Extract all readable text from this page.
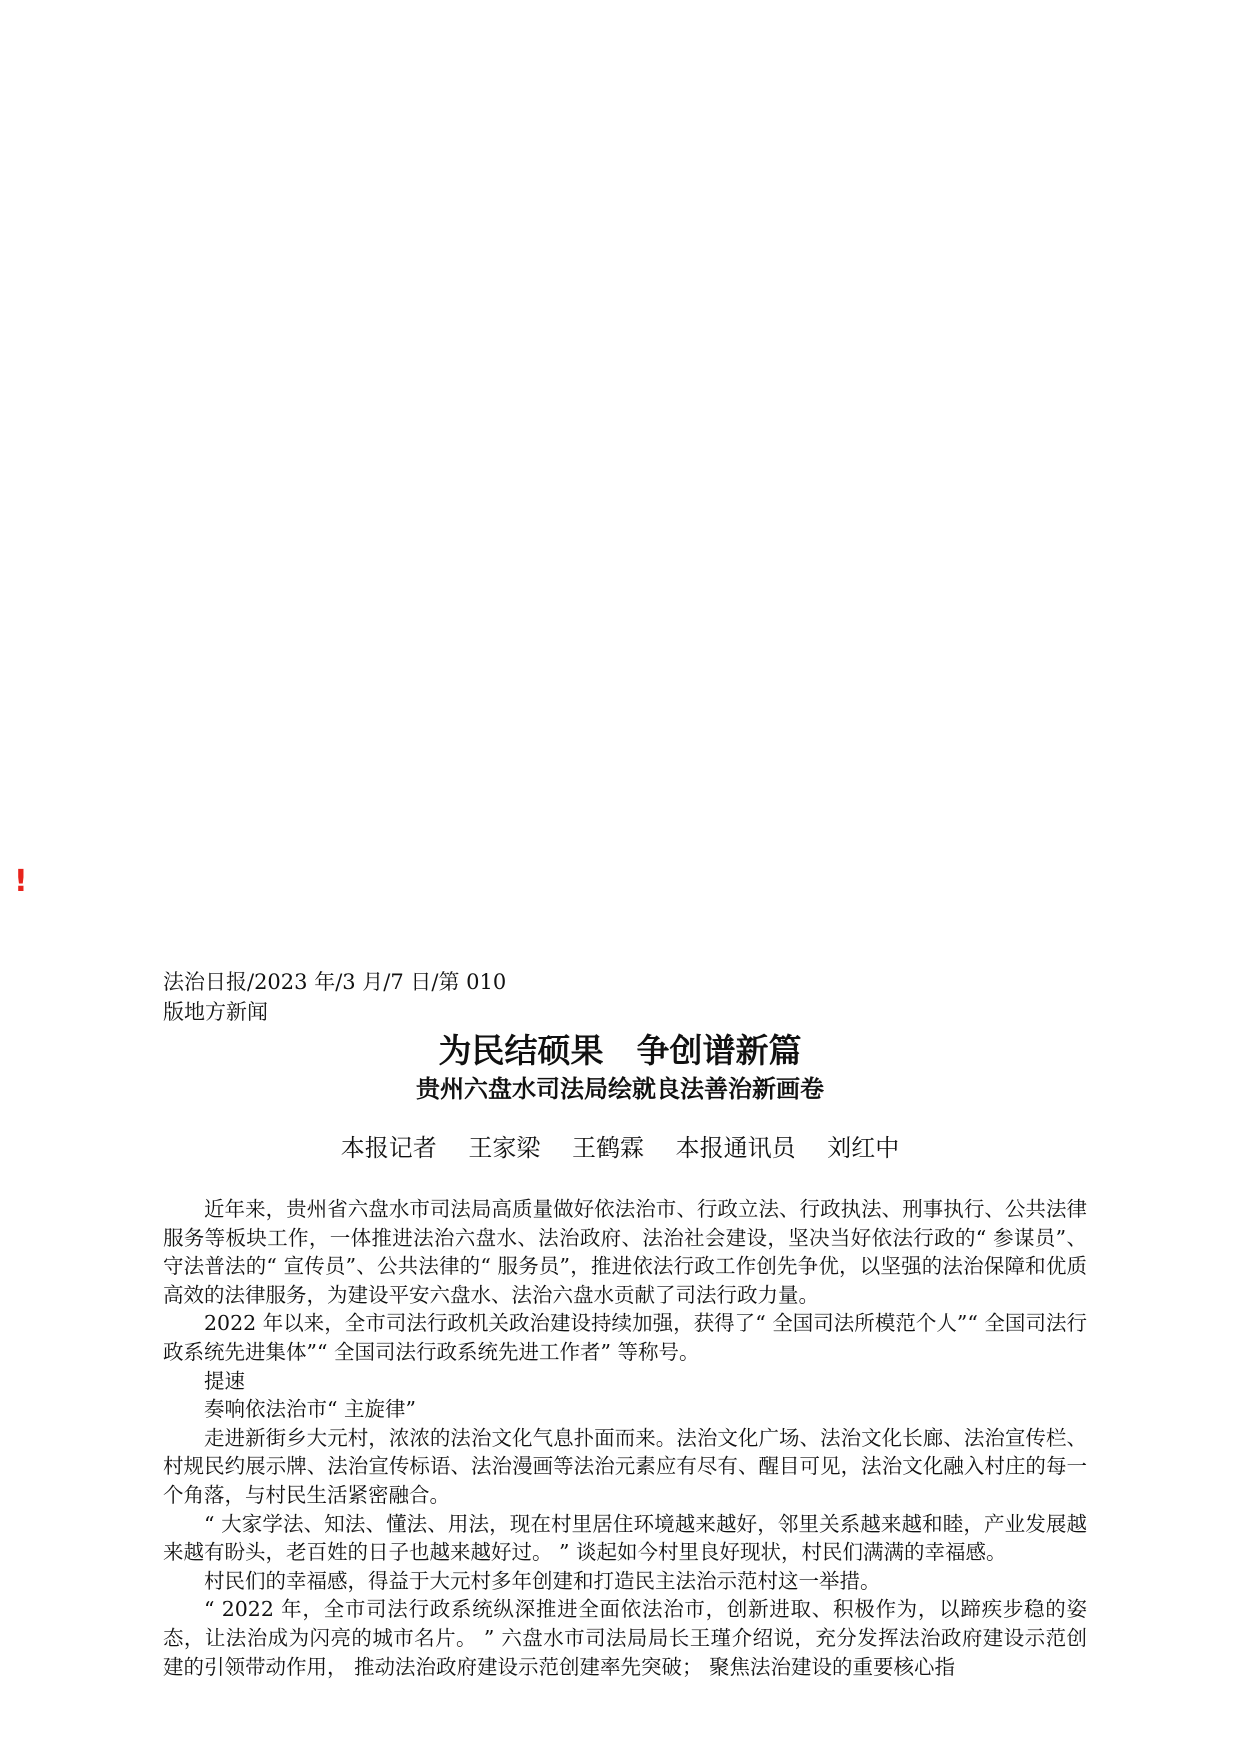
!
法治日报/2023 年/3 月/7 日/第 010 版地方新闻
为民结硕果　争创谱新篇
贵州六盘水司法局绘就良法善治新画卷
本报记者　 王家梁　 王鹤霖　 本报通讯员　 刘红中

近年来，贵州省六盘水市司法局高质量做好依法治市、行政立法、行政执法、刑事执行、公共法律服务等板块工作，一体推进法治六盘水、法治政府、法治社会建设，坚决当好依法行政的“ 参谋员”、守法普法的“ 宣传员”、公共法律的“ 服务员”，推进依法行政工作创先争优，以坚强的法治保障和优质高效的法律服务，为建设平安六盘水、法治六盘水贡献了司法行政力量。

2022 年以来，全市司法行政机关政治建设持续加强，获得了“ 全国司法所模范个人”“ 全国司法行政系统先进集体”“ 全国司法行政系统先进工作者” 等称号。

提速

奏响依法治市“ 主旋律”

走进新街乡大元村，浓浓的法治文化气息扑面而来。法治文化广场、法治文化长廊、法治宣传栏、村规民约展示牌、法治宣传标语、法治漫画等法治元素应有尽有、醒目可见，法治文化融入村庄的每一个角落，与村民生活紧密融合。

“ 大家学法、知法、懂法、用法，现在村里居住环境越来越好，邻里关系越来越和睦，产业发展越来越有盼头，老百姓的日子也越来越好过。 ” 谈起如今村里良好现状，村民们满满的幸福感。

村民们的幸福感，得益于大元村多年创建和打造民主法治示范村这一举措。

“ 2022 年，全市司法行政系统纵深推进全面依法治市，创新进取、积极作为，以蹄疾步稳的姿态，让法治成为闪亮的城市名片。 ” 六盘水市司法局局长王瑾介绍说，充分发挥法治政府建设示范创建的引领带动作用， 推动法治政府建设示范创建率先突破； 聚焦法治建设的重要核心指
